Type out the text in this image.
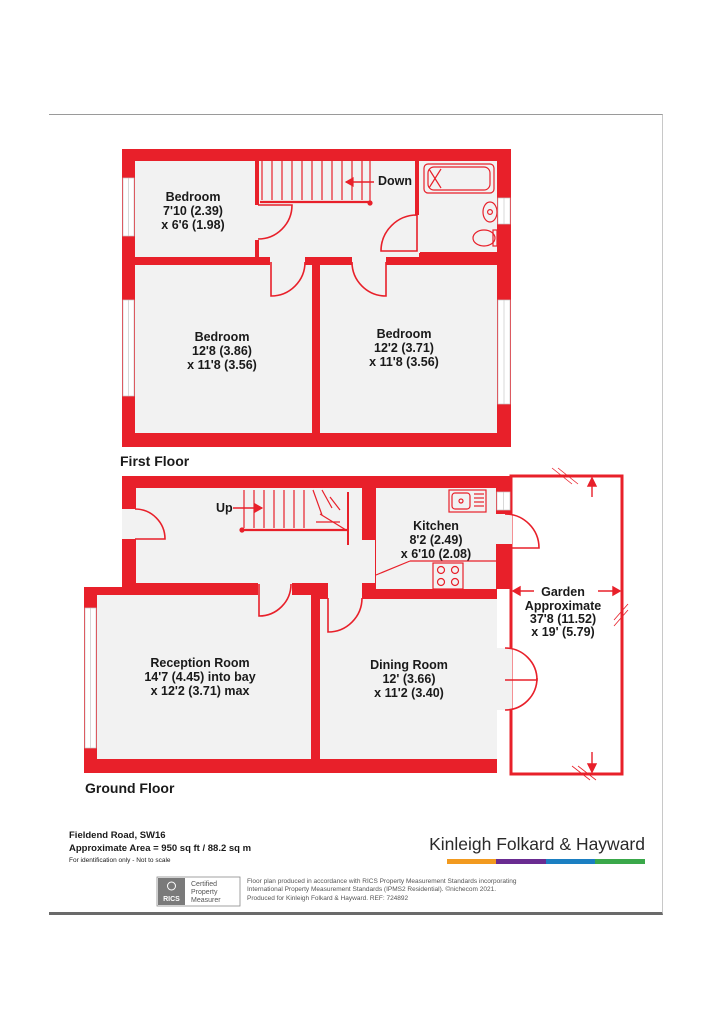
Bedroom
7'10 (2.39)
x 6'6 (1.98)
Bedroom
12'8 (3.86)
x 11'8 (3.56)
Bedroom
12'2 (3.71)
x 11'8 (3.56)
Down
First Floor
Up
Kitchen
8'2 (2.49)
x 6'10 (2.08)
Reception Room
14'7 (4.45) into bay
x 12'2 (3.71) max
Dining Room
12' (3.66)
x 11'2 (3.40)
Garden
Approximate
37'8 (11.52)
x 19' (5.79)
Ground Floor
Fieldend Road, SW16
Approximate Area = 950 sq ft / 88.2 sq m
For identification only - Not to scale
Kinleigh Folkard & Hayward
RICS
Certified
Property
Measurer
Floor plan produced in accordance with RICS Property Measurement Standards incorporating
International Property Measurement Standards (IPMS2 Residential). ©nichecom 2021.
Produced for Kinleigh Folkard & Hayward. REF: 724892
